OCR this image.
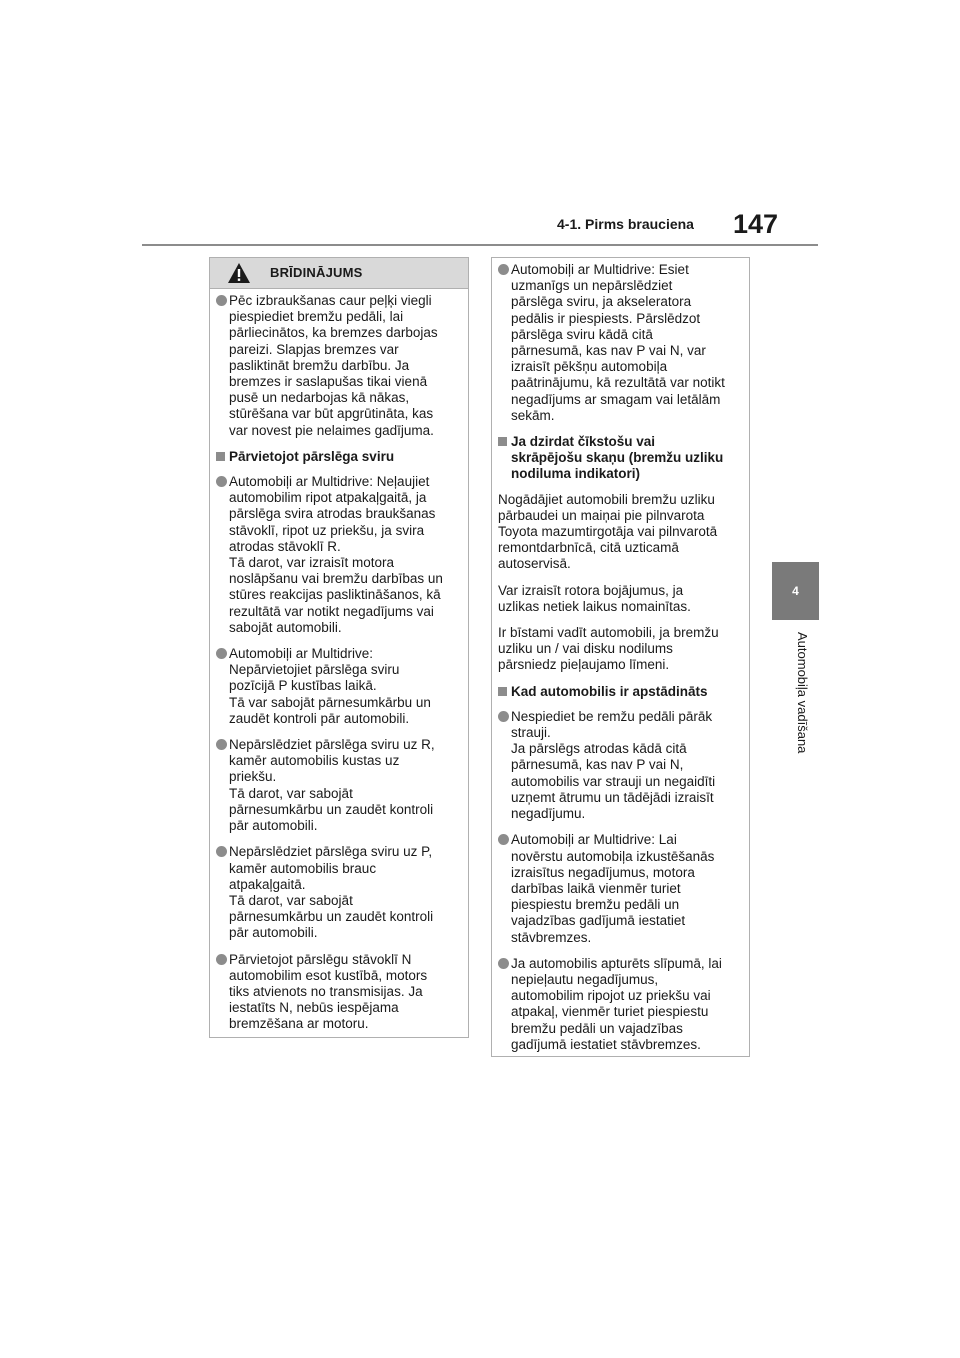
4-1. Pirms brauciena 147
4
Automobiļa vadīšana
BRĪDINĀJUMS
Pēc izbraukšanas caur peļķi viegli
piespiediet bremžu pedāli, lai
pārliecinātos, ka bremzes darbojas
pareizi. Slapjas bremzes var
pasliktināt bremžu darbību. Ja
bremzes ir saslapušas tikai vienā
pusē un nedarbojas kā nākas,
stūrēšana var būt apgrūtināta, kas
var novest pie nelaimes gadījuma.
Pārvietojot pārslēga sviru
Automobiļi ar Multidrive: Neļaujiet
automobilim ripot atpakaļgaitā, ja
pārslēga svira atrodas braukšanas
stāvoklī, ripot uz priekšu, ja svira
atrodas stāvoklī R.
Tā darot, var izraisīt motora
noslāpšanu vai bremžu darbības un
stūres reakcijas pasliktināšanos, kā
rezultātā var notikt negadījums vai
sabojāt automobili.
Automobiļi ar Multidrive:
Nepārvietojiet pārslēga sviru
pozīcijā P kustības laikā.
Tā var sabojāt pārnesumkārbu un
zaudēt kontroli pār automobili.
Nepārslēdziet pārslēga sviru uz R,
kamēr automobilis kustas uz
priekšu.
Tā darot, var sabojāt
pārnesumkārbu un zaudēt kontroli
pār automobili.
Nepārslēdziet pārslēga sviru uz P,
kamēr automobilis brauc
atpakaļgaitā.
Tā darot, var sabojāt
pārnesumkārbu un zaudēt kontroli
pār automobili.
Pārvietojot pārslēgu stāvoklī N
automobilim esot kustībā, motors
tiks atvienots no transmisijas. Ja
iestatīts N, nebūs iespējama
bremzēšana ar motoru.
Automobiļi ar Multidrive: Esiet
uzmanīgs un nepārslēdziet
pārslēga sviru, ja akseleratora
pedālis ir piespiests. Pārslēdzot
pārslēga sviru kādā citā
pārnesumā, kas nav P vai N, var
izraisīt pēkšņu automobiļa
paātrinājumu, kā rezultātā var notikt
negadījums ar smagam vai letālām
sekām.
Ja dzirdat čīkstošu vai
skrāpējošu skaņu (bremžu uzliku
nodiluma indikatori)
Nogādājiet automobili bremžu uzliku
pārbaudei un maiņai pie pilnvarota
Toyota mazumtirgotāja vai pilnvarotā
remontdarbnīcā, citā uzticamā
autoservisā.
Var izraisīt rotora bojājumus, ja
uzlikas netiek laikus nomainītas.
Ir bīstami vadīt automobili, ja bremžu
uzliku un / vai disku nodilums
pārsniedz pieļaujamo līmeni.
Kad automobilis ir apstādināts
Nespiediet be remžu pedāli pārāk
strauji.
Ja pārslēgs atrodas kādā citā
pārnesumā, kas nav P vai N,
automobilis var strauji un negaidīti
uzņemt ātrumu un tādējādi izraisīt
negadījumu.
Automobiļi ar Multidrive: Lai
novērstu automobiļa izkustēšanās
izraisītus negadījumus, motora
darbības laikā vienmēr turiet
piespiestu bremžu pedāli un
vajadzības gadījumā iestatiet
stāvbremzes.
Ja automobilis apturēts slīpumā, lai
nepieļautu negadījumus,
automobilim ripojot uz priekšu vai
atpakaļ, vienmēr turiet piespiestu
bremžu pedāli un vajadzības
gadījumā iestatiet stāvbremzes.
